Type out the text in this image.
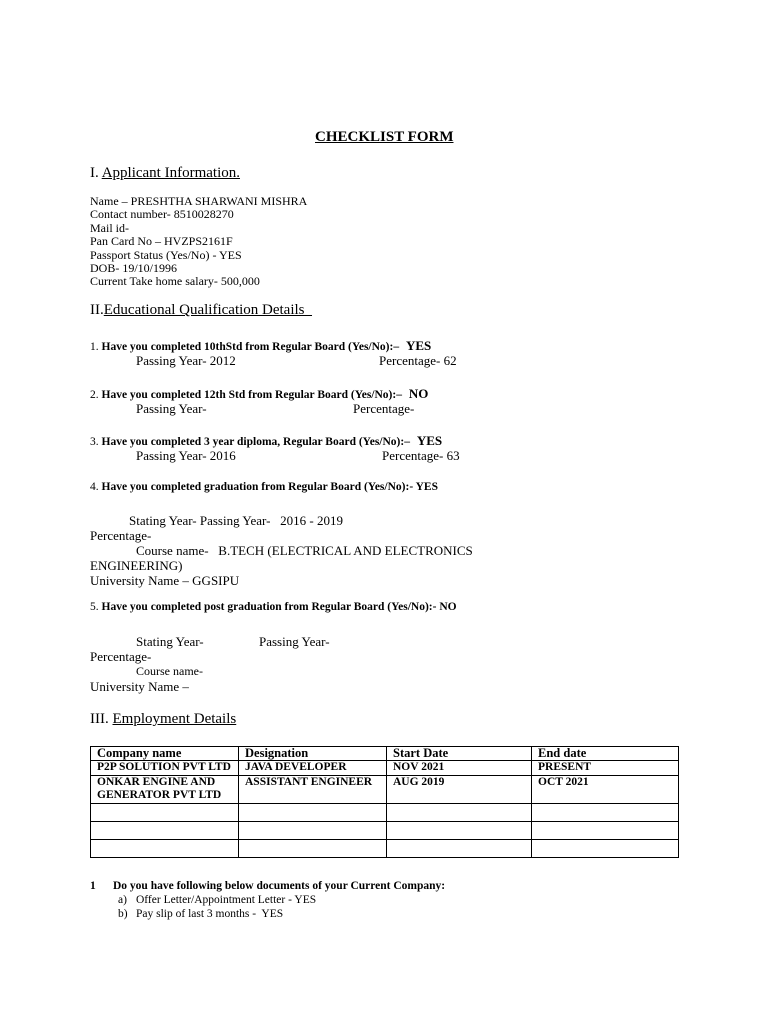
CHECKLIST FORM
I. Applicant Information.
Name – PRESHTHA SHARWANI MISHRA
Contact number- 8510028270
Mail id-
Pan Card No – HVZPS2161F
Passport Status (Yes/No) - YES
DOB- 19/10/1996
Current Take home salary- 500,000
II.Educational Qualification Details
1. Have you completed 10thStd from Regular Board (Yes/No):– YES
Passing Year- 2012	Percentage- 62
2. Have you completed 12th Std from Regular Board (Yes/No):– NO
Passing Year-	Percentage-
3. Have you completed 3 year diploma, Regular Board (Yes/No):– YES
Passing Year- 2016	Percentage- 63
4. Have you completed graduation from Regular Board (Yes/No):- YES
Stating Year- Passing Year-   2016 - 2019
Percentage-
Course name-   B.TECH (ELECTRICAL AND ELECTRONICS
ENGINEERING)
University Name – GGSIPU
5. Have you completed post graduation from Regular Board (Yes/No):- NO
Stating Year-	Passing Year-
Percentage-
Course name-
University Name –
III. Employment Details
Company name	Designation	Start Date	End date
P2P SOLUTION PVT LTD	JAVA DEVELOPER	NOV 2021	PRESENT
ONKAR ENGINE AND GENERATOR PVT LTD	ASSISTANT ENGINEER	AUG 2019	OCT 2021

1 Do you have following below documents of your Current Company:
a) Offer Letter/Appointment Letter - YES
b) Pay slip of last 3 months -  YES
